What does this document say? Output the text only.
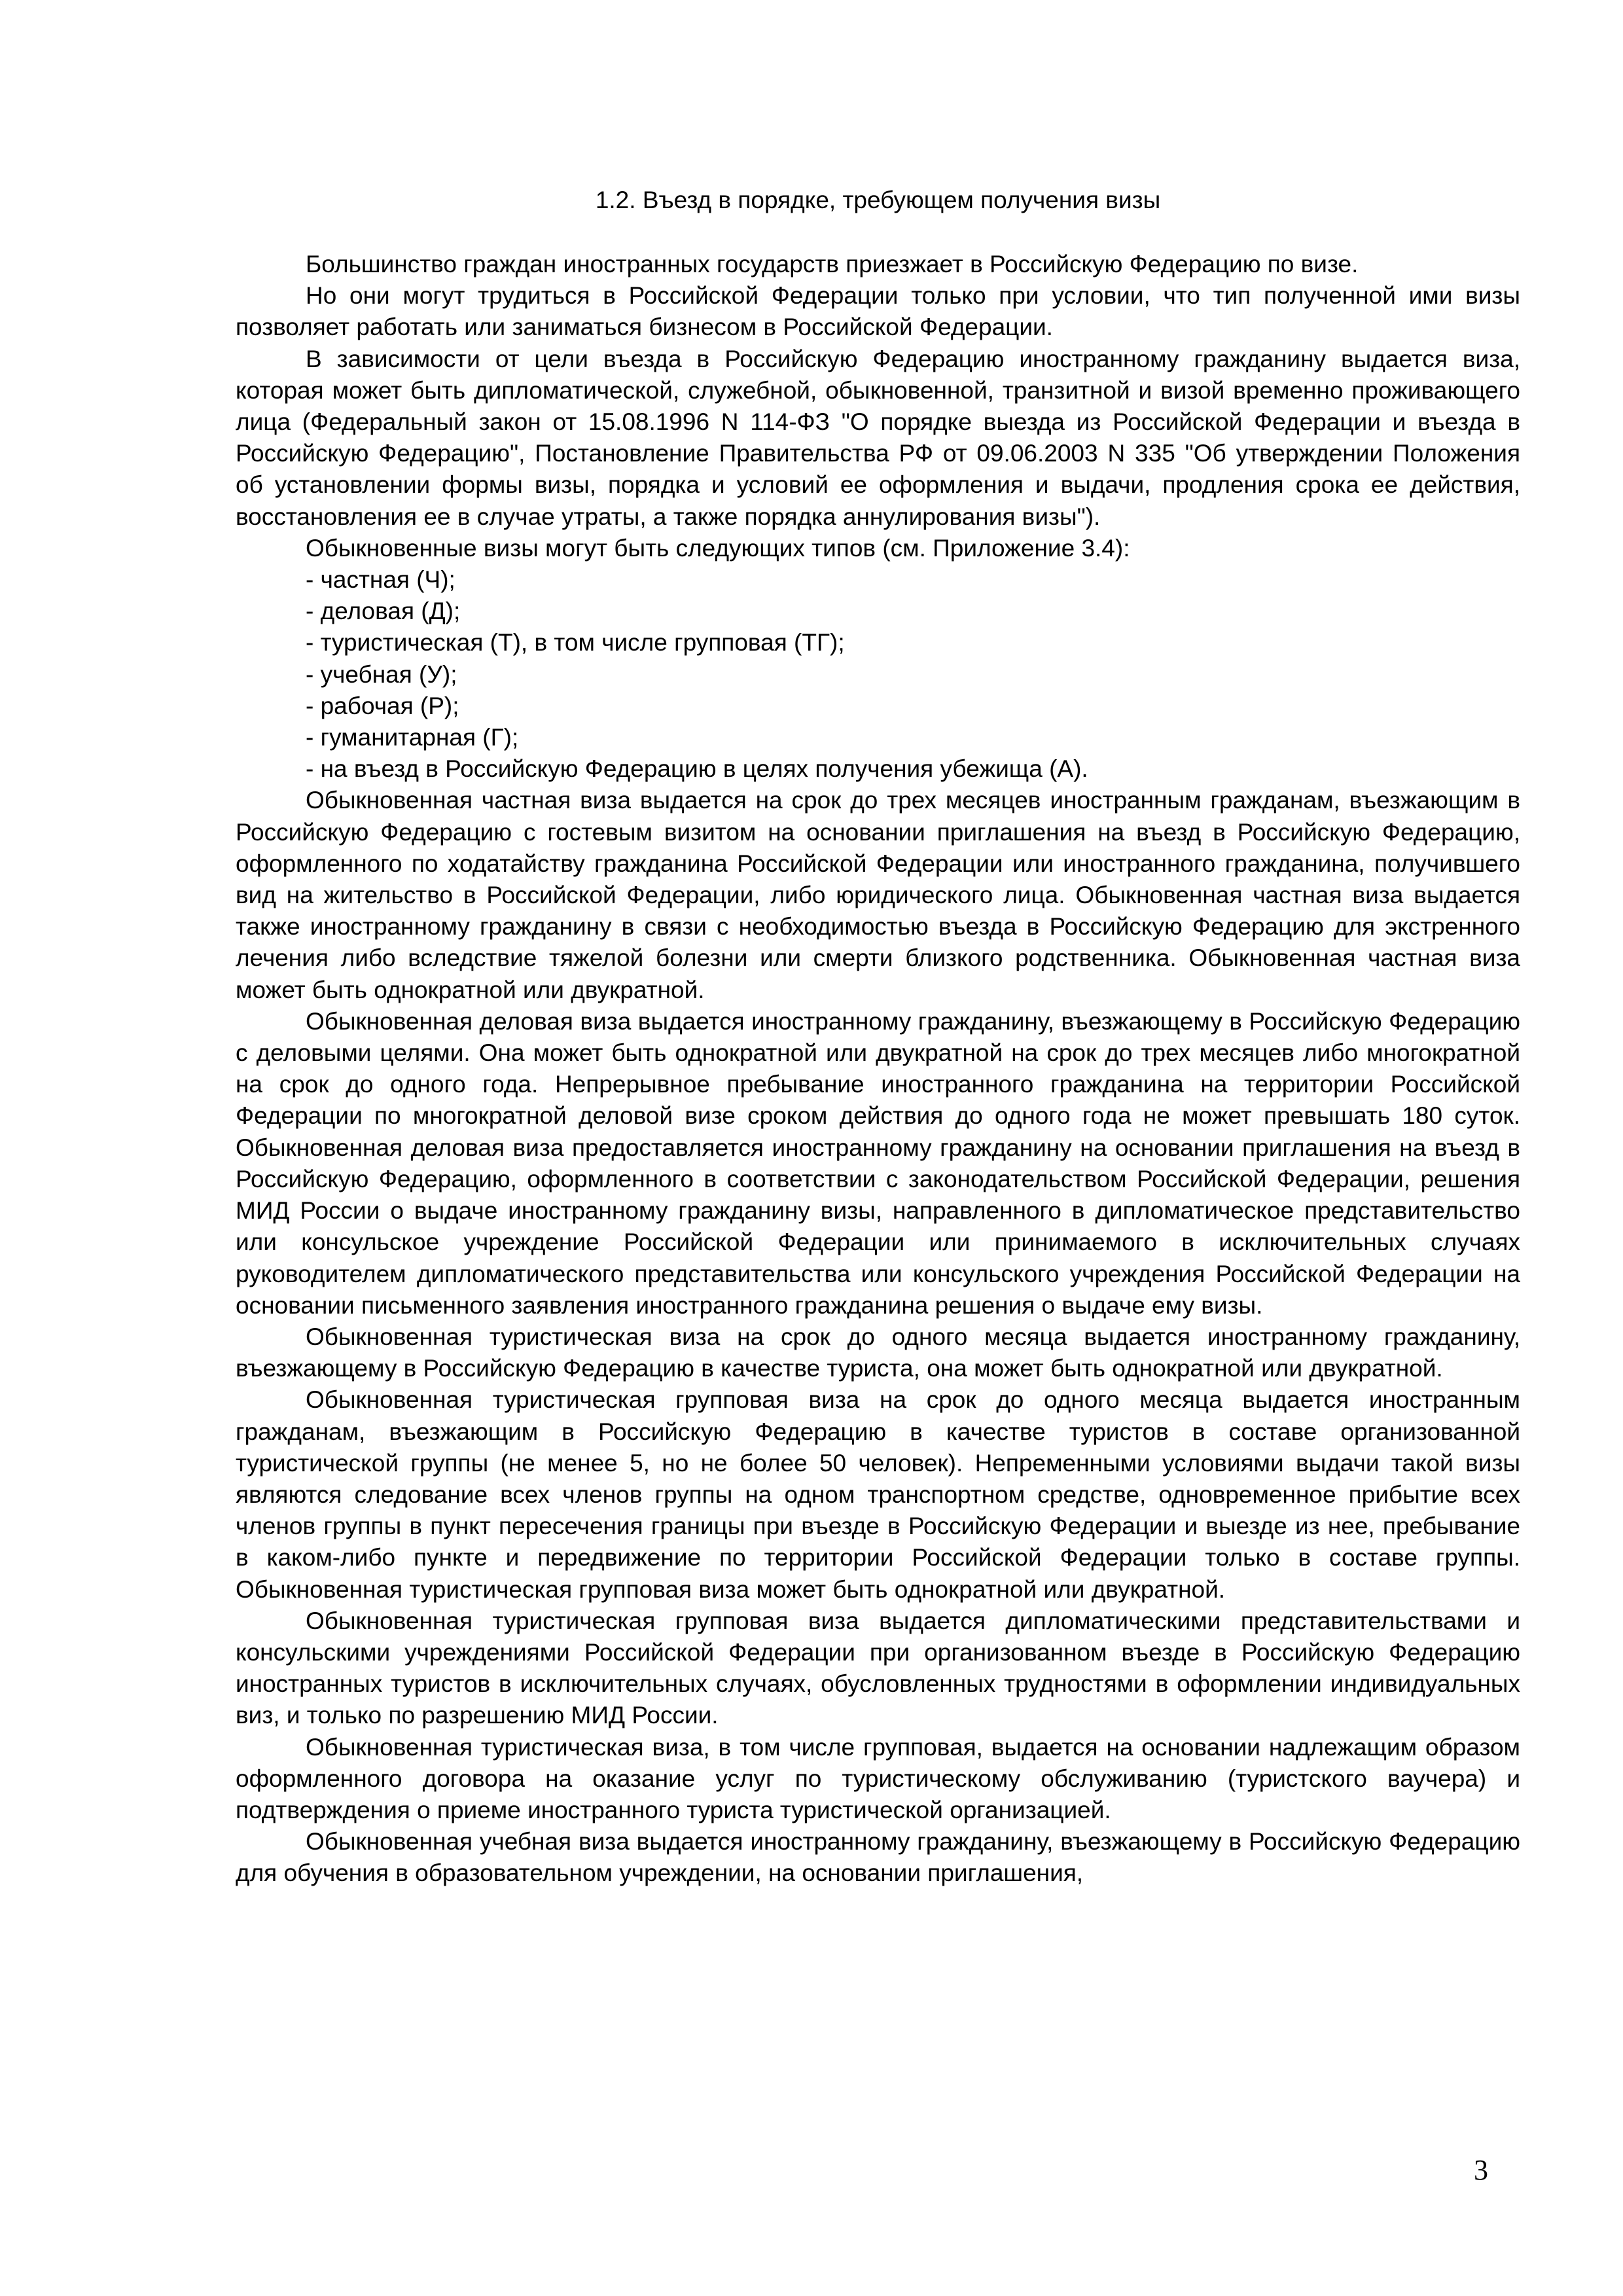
1.2. Въезд в порядке, требующем получения визы

Большинство граждан иностранных государств приезжает в Российскую Федерацию по визе.

Но они могут трудиться в Российской Федерации только при условии, что тип полученной ими визы позволяет работать или заниматься бизнесом в Российской Федерации.

В зависимости от цели въезда в Российскую Федерацию иностранному гражданину выдается виза, которая может быть дипломатической, служебной, обыкновенной, транзитной и визой временно проживающего лица (Федеральный закон от 15.08.1996 N 114-ФЗ "О порядке выезда из Российской Федерации и въезда в Российскую Федерацию", Постановление Правительства РФ от 09.06.2003 N 335 "Об утверждении Положения об установлении формы визы, порядка и условий ее оформления и выдачи, продления срока ее действия, восстановления ее в случае утраты, а также порядка аннулирования визы").

Обыкновенные визы могут быть следующих типов (см. Приложение 3.4):

- частная (Ч);

- деловая (Д);

- туристическая (Т), в том числе групповая (ТГ);

- учебная (У);

- рабочая (Р);

- гуманитарная (Г);

- на въезд в Российскую Федерацию в целях получения убежища (А).

Обыкновенная частная виза выдается на срок до трех месяцев иностранным гражданам, въезжающим в Российскую Федерацию с гостевым визитом на основании приглашения на въезд в Российскую Федерацию, оформленного по ходатайству гражданина Российской Федерации или иностранного гражданина, получившего вид на жительство в Российской Федерации, либо юридического лица. Обыкновенная частная виза выдается также иностранному гражданину в связи с необходимостью въезда в Российскую Федерацию для экстренного лечения либо вследствие тяжелой болезни или смерти близкого родственника. Обыкновенная частная виза может быть однократной или двукратной.

Обыкновенная деловая виза выдается иностранному гражданину, въезжающему в Российскую Федерацию с деловыми целями. Она может быть однократной или двукратной на срок до трех месяцев либо многократной на срок до одного года. Непрерывное пребывание иностранного гражданина на территории Российской Федерации по многократной деловой визе сроком действия до одного года не может превышать 180 суток. Обыкновенная деловая виза предоставляется иностранному гражданину на основании приглашения на въезд в Российскую Федерацию, оформленного в соответствии с законодательством Российской Федерации, решения МИД России о выдаче иностранному гражданину визы, направленного в дипломатическое представительство или консульское учреждение Российской Федерации или принимаемого в исключительных случаях руководителем дипломатического представительства или консульского учреждения Российской Федерации на основании письменного заявления иностранного гражданина решения о выдаче ему визы.

Обыкновенная туристическая виза на срок до одного месяца выдается иностранному гражданину, въезжающему в Российскую Федерацию в качестве туриста, она может быть однократной или двукратной.

Обыкновенная туристическая групповая виза на срок до одного месяца выдается иностранным гражданам, въезжающим в Российскую Федерацию в качестве туристов в составе организованной туристической группы (не менее 5, но не более 50 человек). Непременными условиями выдачи такой визы являются следование всех членов группы на одном транспортном средстве, одновременное прибытие всех членов группы в пункт пересечения границы при въезде в Российскую Федерации и выезде из нее, пребывание в каком-либо пункте и передвижение по территории Российской Федерации только в составе группы. Обыкновенная туристическая групповая виза может быть однократной или двукратной.

Обыкновенная туристическая групповая виза выдается дипломатическими представительствами и консульскими учреждениями Российской Федерации при организованном въезде в Российскую Федерацию иностранных туристов в исключительных случаях, обусловленных трудностями в оформлении индивидуальных виз, и только по разрешению МИД России.

Обыкновенная туристическая виза, в том числе групповая, выдается на основании надлежащим образом оформленного договора на оказание услуг по туристическому обслуживанию (туристского ваучера) и подтверждения о приеме иностранного туриста туристической организацией.

Обыкновенная учебная виза выдается иностранному гражданину, въезжающему в Российскую Федерацию для обучения в образовательном учреждении, на основании приглашения,

3
